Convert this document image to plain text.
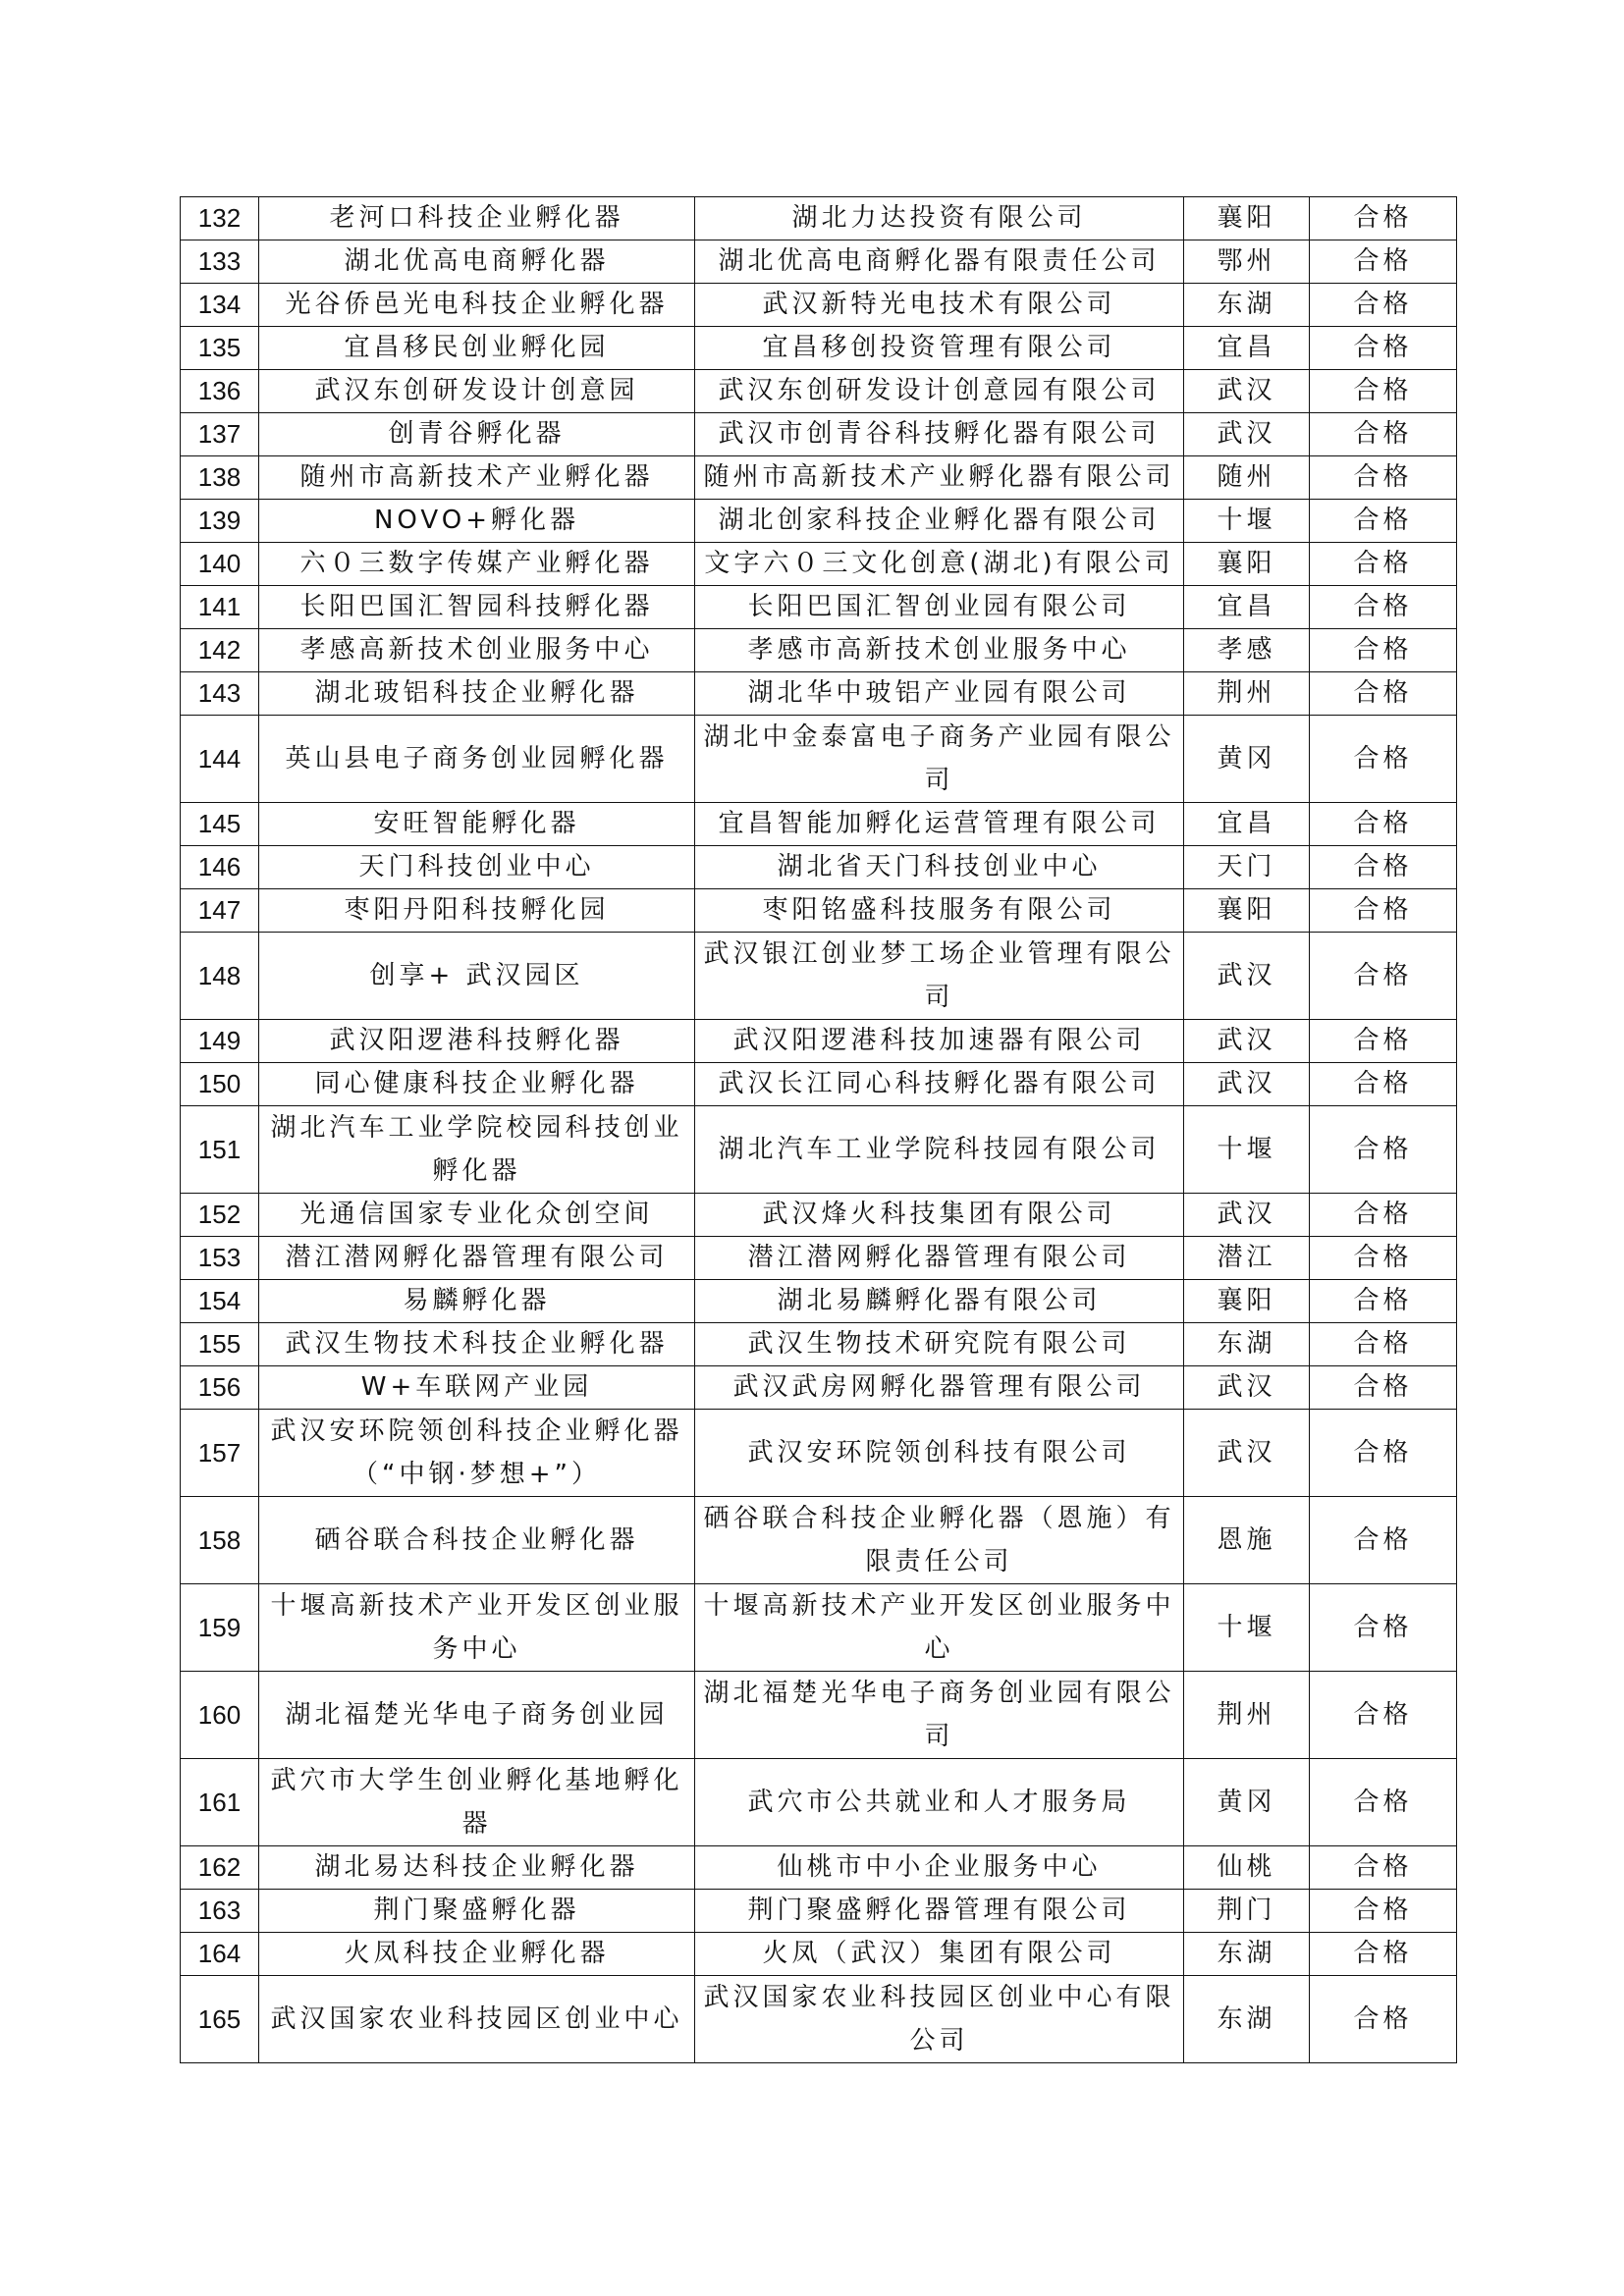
132	老河口科技企业孵化器	湖北力达投资有限公司	襄阳	合格
133	湖北优高电商孵化器	湖北优高电商孵化器有限责任公司	鄂州	合格
134	光谷侨邑光电科技企业孵化器	武汉新特光电技术有限公司	东湖	合格
135	宜昌移民创业孵化园	宜昌移创投资管理有限公司	宜昌	合格
136	武汉东创研发设计创意园	武汉东创研发设计创意园有限公司	武汉	合格
137	创青谷孵化器	武汉市创青谷科技孵化器有限公司	武汉	合格
138	随州市高新技术产业孵化器	随州市高新技术产业孵化器有限公司	随州	合格
139	NOVO+孵化器	湖北创家科技企业孵化器有限公司	十堰	合格
140	六０三数字传媒产业孵化器	文字六０三文化创意(湖北)有限公司	襄阳	合格
141	长阳巴国汇智园科技孵化器	长阳巴国汇智创业园有限公司	宜昌	合格
142	孝感高新技术创业服务中心	孝感市高新技术创业服务中心	孝感	合格
143	湖北玻铝科技企业孵化器	湖北华中玻铝产业园有限公司	荆州	合格
144	英山县电子商务创业园孵化器	湖北中金泰富电子商务产业园有限公司	黄冈	合格
145	安旺智能孵化器	宜昌智能加孵化运营管理有限公司	宜昌	合格
146	天门科技创业中心	湖北省天门科技创业中心	天门	合格
147	枣阳丹阳科技孵化园	枣阳铭盛科技服务有限公司	襄阳	合格
148	创享+ 武汉园区	武汉银江创业梦工场企业管理有限公司	武汉	合格
149	武汉阳逻港科技孵化器	武汉阳逻港科技加速器有限公司	武汉	合格
150	同心健康科技企业孵化器	武汉长江同心科技孵化器有限公司	武汉	合格
151	湖北汽车工业学院校园科技创业孵化器	湖北汽车工业学院科技园有限公司	十堰	合格
152	光通信国家专业化众创空间	武汉烽火科技集团有限公司	武汉	合格
153	潜江潜网孵化器管理有限公司	潜江潜网孵化器管理有限公司	潜江	合格
154	易麟孵化器	湖北易麟孵化器有限公司	襄阳	合格
155	武汉生物技术科技企业孵化器	武汉生物技术研究院有限公司	东湖	合格
156	W+车联网产业园	武汉武房网孵化器管理有限公司	武汉	合格
157	武汉安环院领创科技企业孵化器（“中钢·梦想+”）	武汉安环院领创科技有限公司	武汉	合格
158	硒谷联合科技企业孵化器	硒谷联合科技企业孵化器（恩施）有限责任公司	恩施	合格
159	十堰高新技术产业开发区创业服务中心	十堰高新技术产业开发区创业服务中心	十堰	合格
160	湖北福楚光华电子商务创业园	湖北福楚光华电子商务创业园有限公司	荆州	合格
161	武穴市大学生创业孵化基地孵化器	武穴市公共就业和人才服务局	黄冈	合格
162	湖北易达科技企业孵化器	仙桃市中小企业服务中心	仙桃	合格
163	荆门聚盛孵化器	荆门聚盛孵化器管理有限公司	荆门	合格
164	火凤科技企业孵化器	火凤（武汉）集团有限公司	东湖	合格
165	武汉国家农业科技园区创业中心	武汉国家农业科技园区创业中心有限公司	东湖	合格
